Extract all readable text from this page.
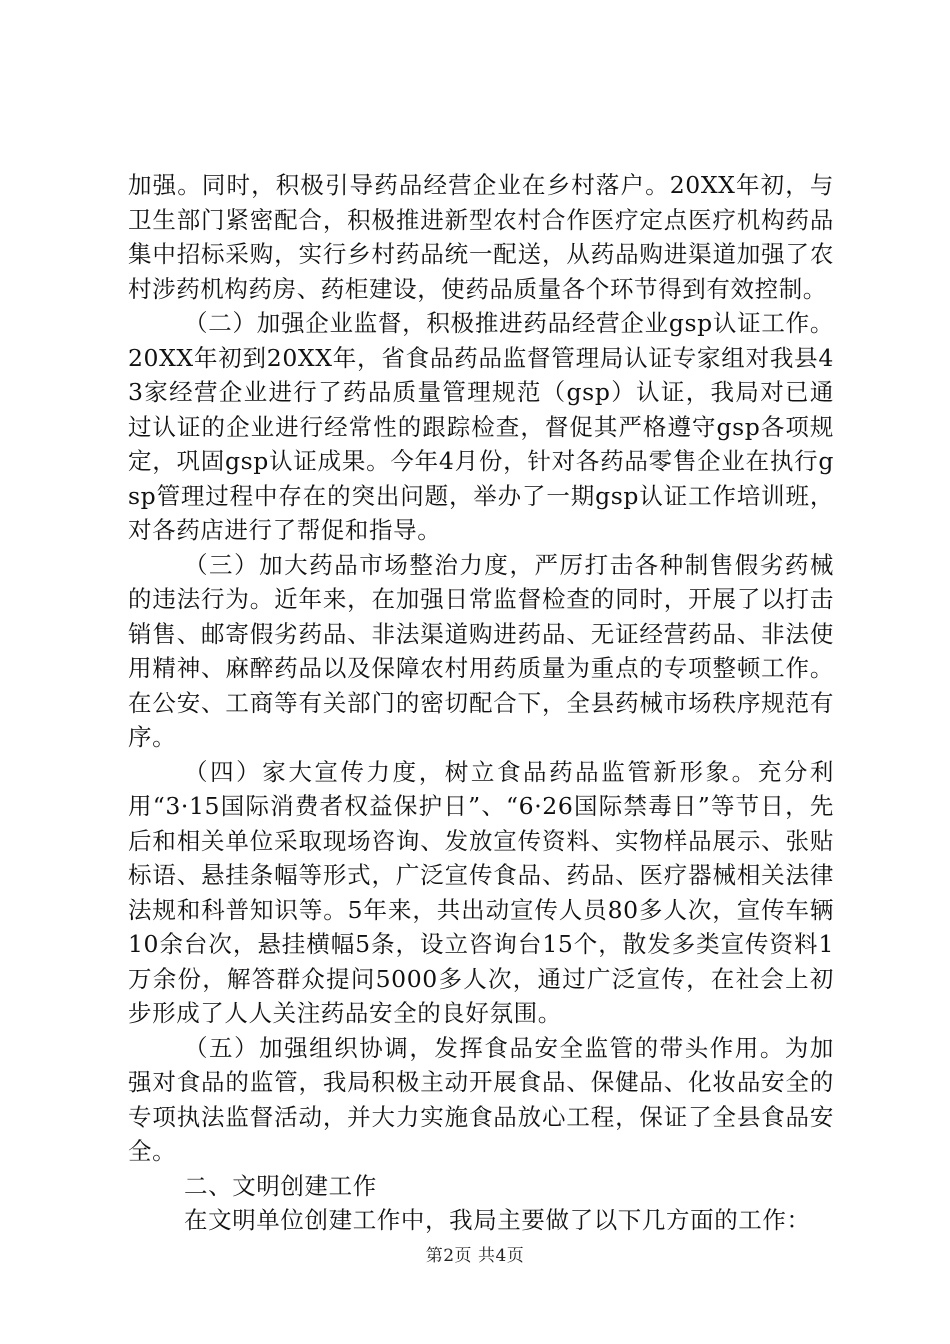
加强。同时，积极引导药品经营企业在乡村落户。20XX年初，与卫生部门紧密配合，积极推进新型农村合作医疗定点医疗机构药品集中招标采购，实行乡村药品统一配送，从药品购进渠道加强了农村涉药机构药房、药柜建设，使药品质量各个环节得到有效控制。

（二）加强企业监督，积极推进药品经营企业gsp认证工作。20XX年初到20XX年，省食品药品监督管理局认证专家组对我县43家经营企业进行了药品质量管理规范（gsp）认证，我局对已通过认证的企业进行经常性的跟踪检查，督促其严格遵守gsp各项规定，巩固gsp认证成果。今年4月份，针对各药品零售企业在执行gsp管理过程中存在的突出问题，举办了一期gsp认证工作培训班，对各药店进行了帮促和指导。

（三）加大药品市场整治力度，严厉打击各种制售假劣药械的违法行为。近年来，在加强日常监督检查的同时，开展了以打击销售、邮寄假劣药品、非法渠道购进药品、无证经营药品、非法使用精神、麻醉药品以及保障农村用药质量为重点的专项整顿工作。在公安、工商等有关部门的密切配合下，全县药械市场秩序规范有序。

（四）家大宣传力度，树立食品药品监管新形象。充分利用“3·15国际消费者权益保护日”、“6·26国际禁毒日”等节日，先后和相关单位采取现场咨询、发放宣传资料、实物样品展示、张贴标语、悬挂条幅等形式，广泛宣传食品、药品、医疗器械相关法律法规和科普知识等。5年来，共出动宣传人员80多人次，宣传车辆10余台次，悬挂横幅5条，设立咨询台15个，散发多类宣传资料1万余份，解答群众提问5000多人次，通过广泛宣传，在社会上初步形成了人人关注药品安全的良好氛围。

（五）加强组织协调，发挥食品安全监管的带头作用。为加强对食品的监管，我局积极主动开展食品、保健品、化妆品安全的专项执法监督活动，并大力实施食品放心工程，保证了全县食品安全。

二、文明创建工作

在文明单位创建工作中，我局主要做了以下几方面的工作：

第2页 共4页
